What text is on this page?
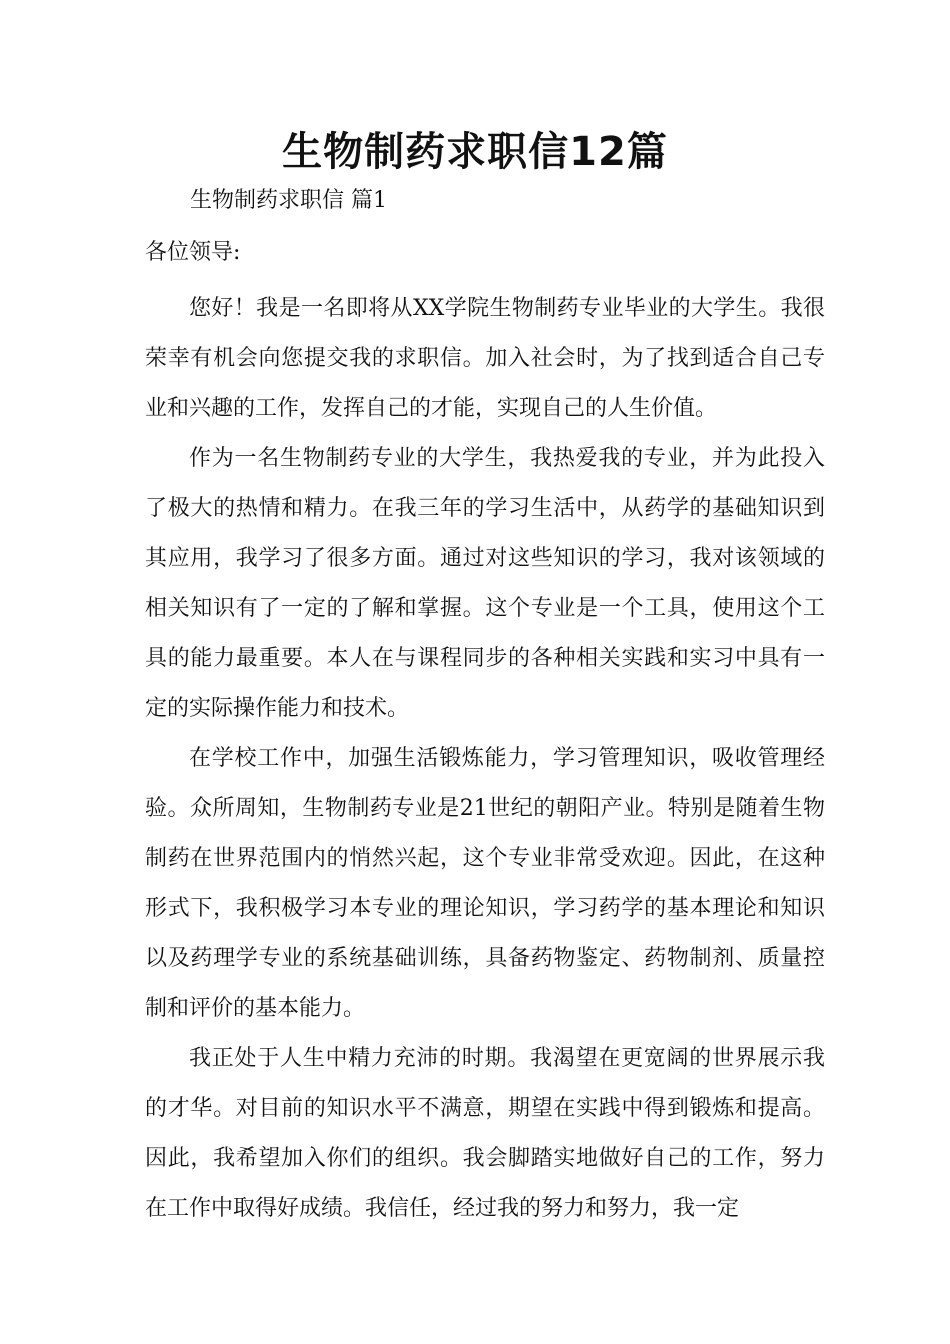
生物制药求职信12篇

生物制药求职信 篇1

各位领导:

您好！我是一名即将从XX学院生物制药专业毕业的大学生。我很荣幸有机会向您提交我的求职信。加入社会时，为了找到适合自己专业和兴趣的工作，发挥自己的才能，实现自己的人生价值。

作为一名生物制药专业的大学生，我热爱我的专业，并为此投入了极大的热情和精力。在我三年的学习生活中，从药学的基础知识到其应用，我学习了很多方面。通过对这些知识的学习，我对该领域的相关知识有了一定的了解和掌握。这个专业是一个工具，使用这个工具的能力最重要。本人在与课程同步的各种相关实践和实习中具有一定的实际操作能力和技术。

在学校工作中，加强生活锻炼能力，学习管理知识，吸收管理经验。众所周知，生物制药专业是21世纪的朝阳产业。特别是随着生物制药在世界范围内的悄然兴起，这个专业非常受欢迎。因此，在这种形式下，我积极学习本专业的理论知识，学习药学的基本理论和知识以及药理学专业的系统基础训练，具备药物鉴定、药物制剂、质量控制和评价的基本能力。

我正处于人生中精力充沛的时期。我渴望在更宽阔的世界展示我的才华。对目前的知识水平不满意，期望在实践中得到锻炼和提高。因此，我希望加入你们的组织。我会脚踏实地做好自己的工作，努力在工作中取得好成绩。我信任，经过我的努力和努力，我一定
